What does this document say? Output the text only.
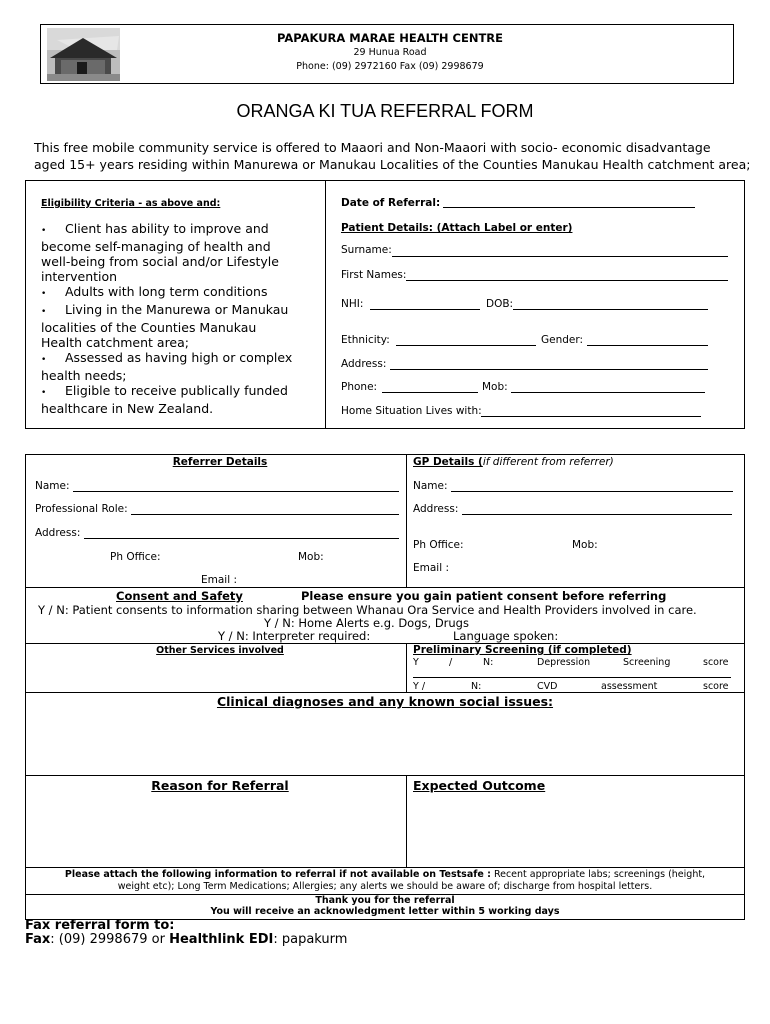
PAPAKURA MARAE HEALTH CENTRE
29 Hunua Road
Phone: (09) 2972160 Fax (09) 2998679
ORANGA KI TUA REFERRAL FORM
This free mobile community service is offered to Maaori and Non-Maaori with socio- economic disadvantage
aged 15+ years residing within Manurewa or Manukau Localities of the Counties Manukau Health catchment area;
Eligibility Criteria - as above and:
• Client has ability to improve and
become self-managing of health and
well-being from social and/or Lifestyle
intervention
• Adults with long term conditions
• Living in the Manurewa or Manukau
localities of the Counties Manukau
Health catchment area;
• Assessed as having high or complex
health needs;
• Eligible to receive publically funded
healthcare in New Zealand.
Date of Referral:
Patient Details: (Attach Label or enter)
Surname:
First Names:
NHI:	DOB:
Ethnicity:	Gender:
Address:
Phone:	Mob:
Home Situation Lives with:
Referrer Details
Name:
Professional Role:
Address:
Ph Office:	Mob:
Email :
GP Details (if different from referrer)
Name:
Address:
Ph Office:	Mob:
Email :
Consent and Safety	Please ensure you gain patient consent before referring
Y / N: Patient consents to information sharing between Whanau Ora Service and Health Providers involved in care.
Y / N: Home Alerts e.g. Dogs, Drugs
Y / N: Interpreter required:	Language spoken:
Other Services involved	Preliminary Screening (if completed)
Y	/	N:	Depression	Screening	score
Y /	N:	CVD	assessment	score
Clinical diagnoses and any known social issues:
Reason for Referral	Expected Outcome
Please attach the following information to referral if not available on Testsafe : Recent appropriate labs; screenings (height,
weight etc); Long Term Medications; Allergies; any alerts we should be aware of; discharge from hospital letters.
Thank you for the referral
You will receive an acknowledgment letter within 5 working days
Fax referral form to:
Fax: (09) 2998679 or Healthlink EDI: papakurm
